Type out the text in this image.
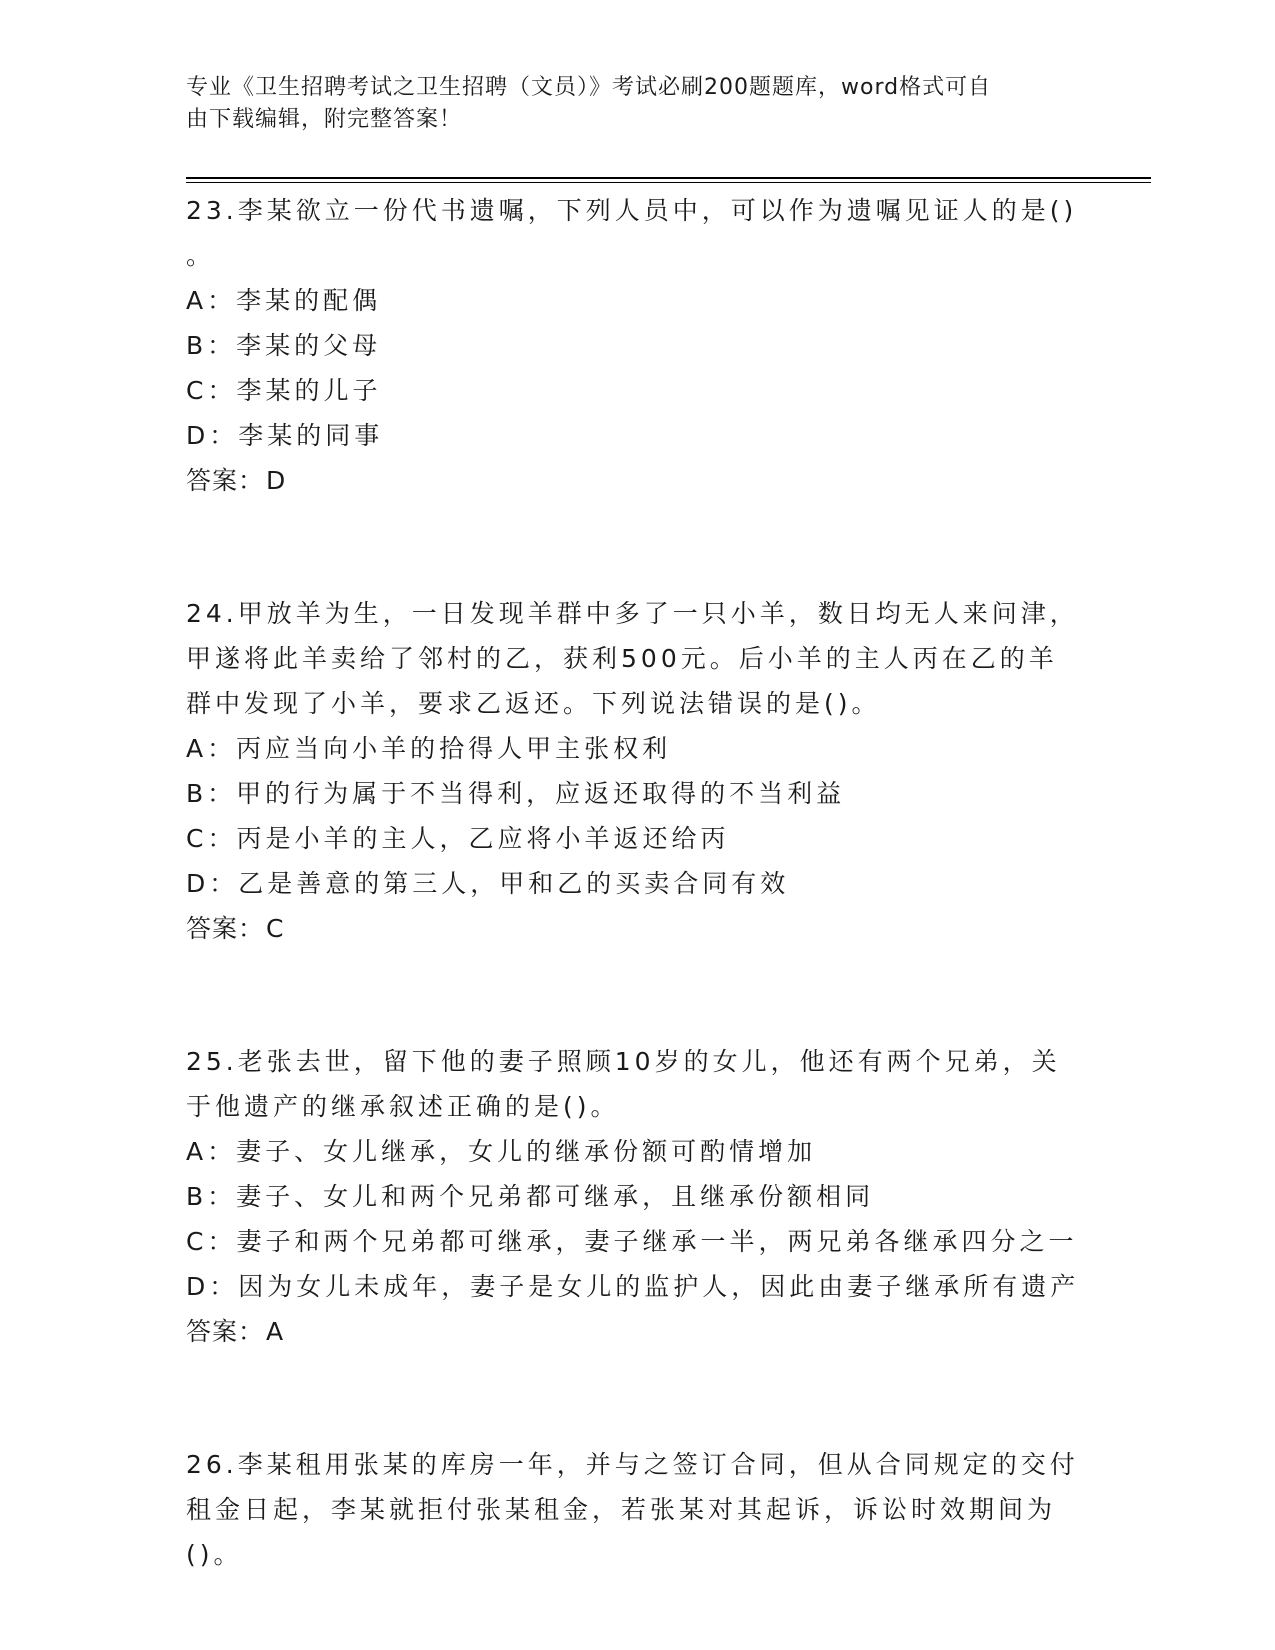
专业《卫生招聘考试之卫生招聘（文员）》考试必刷200题题库，word格式可自
由下载编辑，附完整答案！
23.李某欲立一份代书遗嘱，下列人员中，可以作为遗嘱见证人的是()
。
A：李某的配偶
B：李某的父母
C：李某的儿子
D：李某的同事
答案：D
24.甲放羊为生，一日发现羊群中多了一只小羊，数日均无人来问津，
甲遂将此羊卖给了邻村的乙，获利500元。后小羊的主人丙在乙的羊
群中发现了小羊，要求乙返还。下列说法错误的是()。
A：丙应当向小羊的拾得人甲主张权利
B：甲的行为属于不当得利，应返还取得的不当利益
C：丙是小羊的主人，乙应将小羊返还给丙
D：乙是善意的第三人，甲和乙的买卖合同有效
答案：C
25.老张去世，留下他的妻子照顾10岁的女儿，他还有两个兄弟，关
于他遗产的继承叙述正确的是()。
A：妻子、女儿继承，女儿的继承份额可酌情增加
B：妻子、女儿和两个兄弟都可继承，且继承份额相同
C：妻子和两个兄弟都可继承，妻子继承一半，两兄弟各继承四分之一
D：因为女儿未成年，妻子是女儿的监护人，因此由妻子继承所有遗产
答案：A
26.李某租用张某的库房一年，并与之签订合同，但从合同规定的交付
租金日起，李某就拒付张某租金，若张某对其起诉，诉讼时效期间为
()。
